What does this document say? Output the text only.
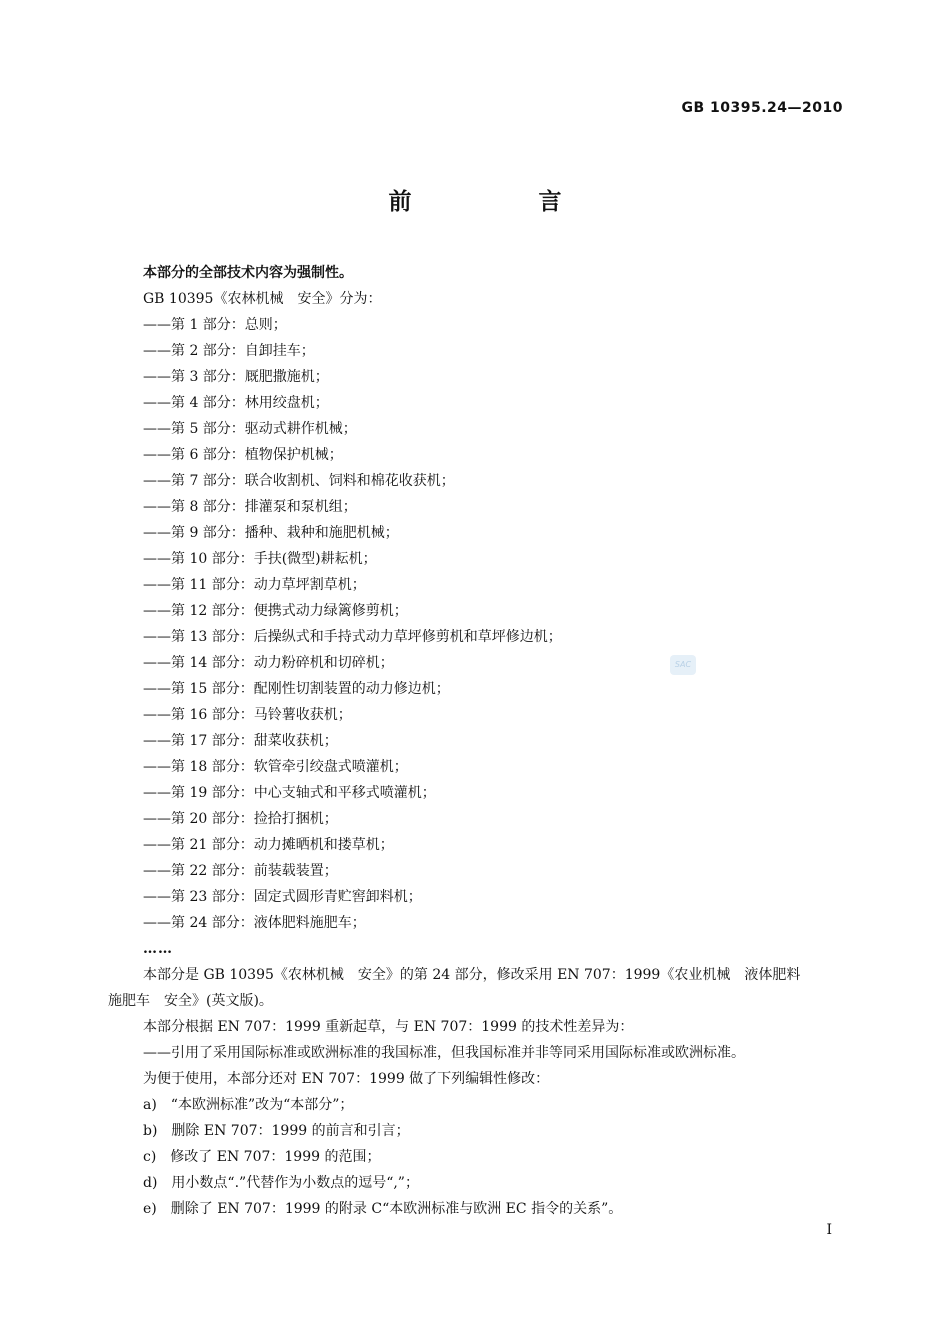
GB 10395.24—2010
前　言
SAC
本部分的全部技术内容为强制性。
GB 10395《农林机械　安全》分为：
——第 1 部分：总则；
——第 2 部分：自卸挂车；
——第 3 部分：厩肥撒施机；
——第 4 部分：林用绞盘机；
——第 5 部分：驱动式耕作机械；
——第 6 部分：植物保护机械；
——第 7 部分：联合收割机、饲料和棉花收获机；
——第 8 部分：排灌泵和泵机组；
——第 9 部分：播种、栽种和施肥机械；
——第 10 部分：手扶(微型)耕耘机；
——第 11 部分：动力草坪割草机；
——第 12 部分：便携式动力绿篱修剪机；
——第 13 部分：后操纵式和手持式动力草坪修剪机和草坪修边机；
——第 14 部分：动力粉碎机和切碎机；
——第 15 部分：配刚性切割装置的动力修边机；
——第 16 部分：马铃薯收获机；
——第 17 部分：甜菜收获机；
——第 18 部分：软管牵引绞盘式喷灌机；
——第 19 部分：中心支轴式和平移式喷灌机；
——第 20 部分：捡拾打捆机；
——第 21 部分：动力摊晒机和搂草机；
——第 22 部分：前装载装置；
——第 23 部分：固定式圆形青贮窖卸料机；
——第 24 部分：液体肥料施肥车；
……
本部分是 GB 10395《农林机械　安全》的第 24 部分，修改采用 EN 707：1999《农业机械　液体肥料
施肥车　安全》(英文版)。
本部分根据 EN 707：1999 重新起草，与 EN 707：1999 的技术性差异为：
——引用了采用国际标准或欧洲标准的我国标准，但我国标准并非等同采用国际标准或欧洲标准。
为便于使用，本部分还对 EN 707：1999 做了下列编辑性修改：
a)　“本欧洲标准”改为“本部分”；
b)　删除 EN 707：1999 的前言和引言；
c)　修改了 EN 707：1999 的范围；
d)　用小数点“.”代替作为小数点的逗号“,”；
e)　删除了 EN 707：1999 的附录 C“本欧洲标准与欧洲 EC 指令的关系”。
I
